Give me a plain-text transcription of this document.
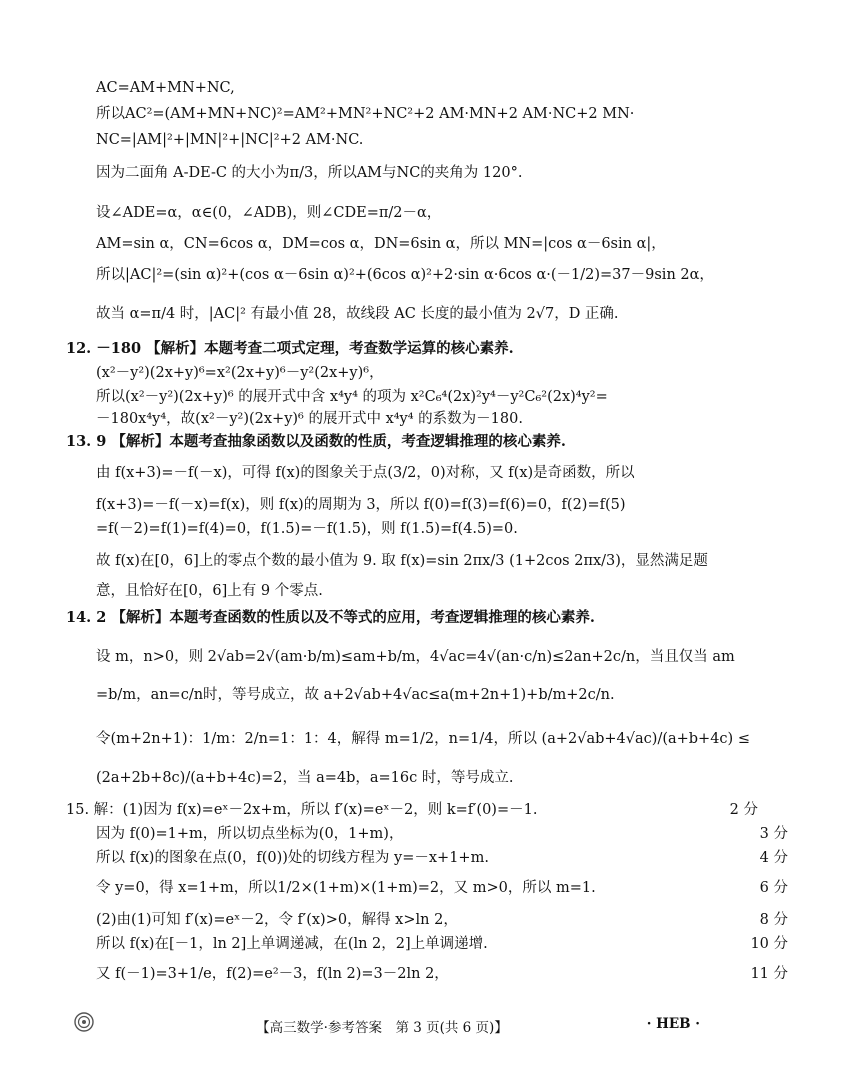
AC=AM+MN+NC,
所以AC²=(AM+MN+NC)²=AM²+MN²+NC²+2 AM·MN+2 AM·NC+2 MN·
NC=|AM|²+|MN|²+|NC|²+2 AM·NC.
因为二面角 A-DE-C 的大小为π/3，所以AM与NC的夹角为 120°.
设∠ADE=α，α∈(0，∠ADB)，则∠CDE=π/2－α，
AM=sin α，CN=6cos α，DM=cos α，DN=6sin α，所以 MN=|cos α－6sin α|，
所以|AC|²=(sin α)²+(cos α－6sin α)²+(6cos α)²+2·sin α·6cos α·(－1/2)=37－9sin 2α，
故当 α=π/4 时，|AC|² 有最小值 28，故线段 AC 长度的最小值为 2√7，D 正确.
12. －180 【解析】本题考查二项式定理，考查数学运算的核心素养.
(x²－y²)(2x+y)⁶=x²(2x+y)⁶－y²(2x+y)⁶，
所以(x²－y²)(2x+y)⁶ 的展开式中含 x⁴y⁴ 的项为 x²C₆⁴(2x)²y⁴－y²C₆²(2x)⁴y²=
－180x⁴y⁴，故(x²－y²)(2x+y)⁶ 的展开式中 x⁴y⁴ 的系数为－180.
13. 9 【解析】本题考查抽象函数以及函数的性质，考查逻辑推理的核心素养.
由 f(x+3)=－f(－x)，可得 f(x)的图象关于点(3/2，0)对称，又 f(x)是奇函数，所以
f(x+3)=－f(－x)=f(x)，则 f(x)的周期为 3，所以 f(0)=f(3)=f(6)=0，f(2)=f(5)
=f(－2)=f(1)=f(4)=0，f(1.5)=－f(1.5)，则 f(1.5)=f(4.5)=0.
故 f(x)在[0，6]上的零点个数的最小值为 9. 取 f(x)=sin 2πx/3 (1+2cos 2πx/3)，显然满足题
意，且恰好在[0，6]上有 9 个零点.
14. 2 【解析】本题考查函数的性质以及不等式的应用，考查逻辑推理的核心素养.
设 m，n>0，则 2√ab=2√(am·b/m)≤am+b/m，4√ac=4√(an·c/n)≤2an+2c/n，当且仅当 am
=b/m，an=c/n时，等号成立，故 a+2√ab+4√ac≤a(m+2n+1)+b/m+2c/n.
令(m+2n+1)：1/m：2/n=1：1：4，解得 m=1/2，n=1/4，所以 (a+2√ab+4√ac)/(a+b+4c) ≤
(2a+2b+8c)/(a+b+4c)=2，当 a=4b，a=16c 时，等号成立.
15. 解：(1)因为 f(x)=eˣ－2x+m，所以 f′(x)=eˣ－2，则 k=f′(0)=－1.	2 分
因为 f(0)=1+m，所以切点坐标为(0，1+m)，	3 分
所以 f(x)的图象在点(0，f(0))处的切线方程为 y=－x+1+m.	4 分
令 y=0，得 x=1+m，所以1/2×(1+m)×(1+m)=2，又 m>0，所以 m=1.	6 分
(2)由(1)可知 f′(x)=eˣ－2，令 f′(x)>0，解得 x>ln 2，	8 分
所以 f(x)在[－1，ln 2]上单调递减，在(ln 2，2]上单调递增.	10 分
又 f(－1)=3+1/e，f(2)=e²－3，f(ln 2)=3－2ln 2，	11 分
【高三数学·参考答案　第 3 页(共 6 页)】	· HEB ·
